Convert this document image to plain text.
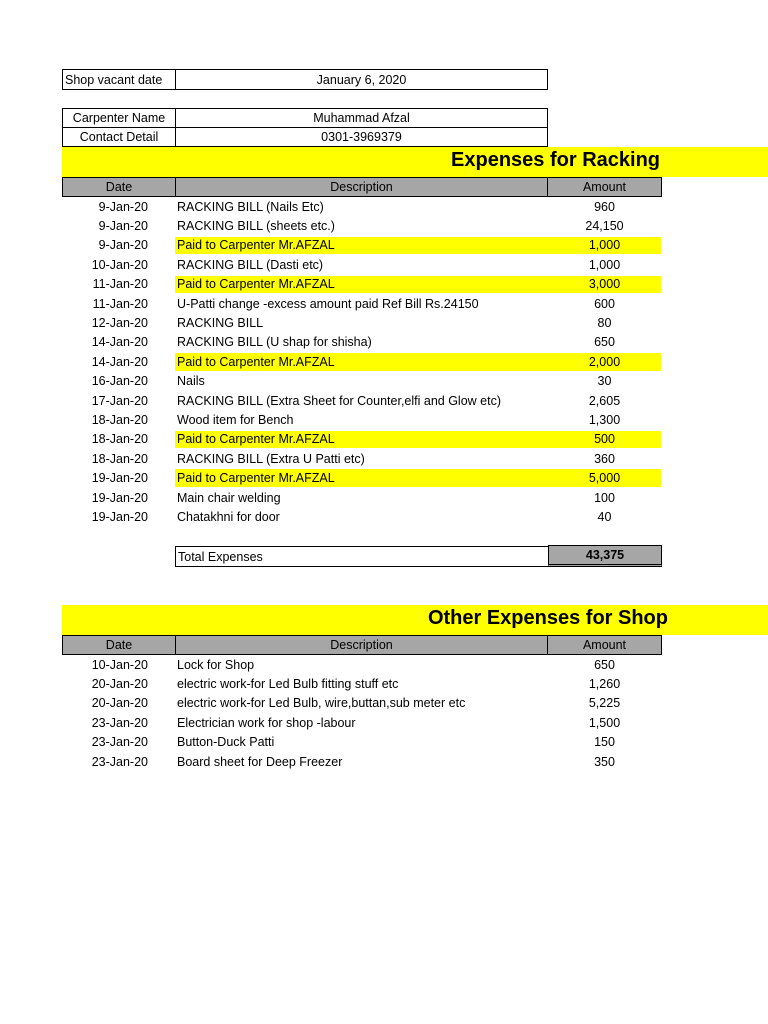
Shop vacant date	January 6, 2020
Carpenter Name	Muhammad Afzal
Contact Detail	0301-3969379
Expenses for Racking
Date	Description	Amount
9-Jan-20 RACKING BILL (Nails Etc)	960
9-Jan-20 RACKING BILL (sheets etc.)	24,150
9-Jan-20 Paid to Carpenter Mr.AFZAL	1,000
10-Jan-20 RACKING BILL (Dasti etc)	1,000
11-Jan-20 Paid to Carpenter Mr.AFZAL	3,000
11-Jan-20 U-Patti change -excess amount paid Ref Bill Rs.24150	600
12-Jan-20 RACKING BILL	80
14-Jan-20 RACKING BILL (U shap for shisha)	650
14-Jan-20 Paid to Carpenter Mr.AFZAL	2,000
16-Jan-20 Nails	30
17-Jan-20 RACKING BILL (Extra Sheet for Counter,elfi and Glow etc)	2,605
18-Jan-20 Wood item for Bench	1,300
18-Jan-20 Paid to Carpenter Mr.AFZAL	500
18-Jan-20 RACKING BILL (Extra U Patti etc)	360
19-Jan-20 Paid to Carpenter Mr.AFZAL	5,000
19-Jan-20 Main chair welding	100
19-Jan-20 Chatakhni for door	40
Total Expenses	43,375
Other Expenses for Shop
Date	Description	Amount
10-Jan-20 Lock for Shop	650
20-Jan-20 electric work-for Led Bulb fitting stuff etc	1,260
20-Jan-20 electric work-for Led Bulb, wire,buttan,sub meter etc	5,225
23-Jan-20 Electrician work for shop -labour	1,500
23-Jan-20 Button-Duck Patti	150
23-Jan-20 Board sheet for Deep Freezer	350
